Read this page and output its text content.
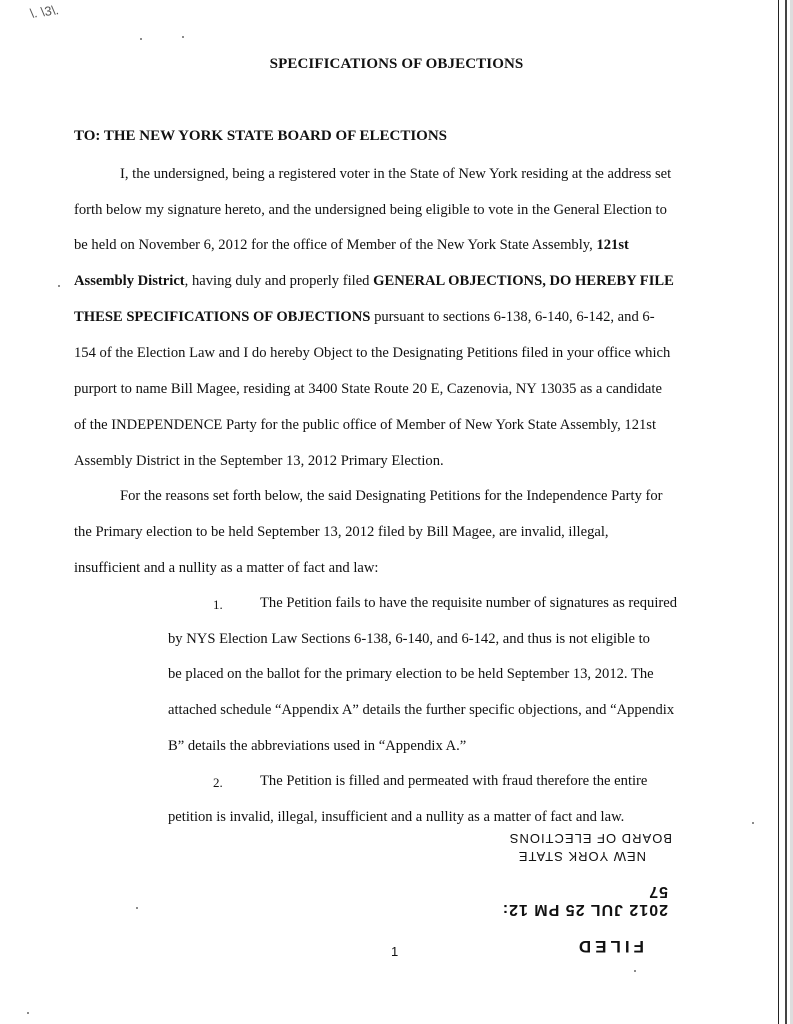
\. \3\.
SPECIFICATIONS OF OBJECTIONS
TO: THE NEW YORK STATE BOARD OF ELECTIONS
I, the undersigned, being a registered voter in the State of New York residing at the address set
forth below my signature hereto, and the undersigned being eligible to vote in the General Election to
be held on November 6, 2012 for the office of Member of the New York State Assembly, 121st
Assembly District, having duly and properly filed GENERAL OBJECTIONS, DO HEREBY FILE
THESE SPECIFICATIONS OF OBJECTIONS pursuant to sections 6-138, 6-140, 6-142, and 6-
154 of the Election Law and I do hereby Object to the Designating Petitions filed in your office which
purport to name Bill Magee, residing at 3400 State Route 20 E, Cazenovia, NY 13035 as a candidate
of the INDEPENDENCE Party for the public office of Member of New York State Assembly, 121st
Assembly District in the September 13, 2012 Primary Election.
For the reasons set forth below, the said Designating Petitions for the Independence Party for
the Primary election to be held September 13, 2012 filed by Bill Magee, are invalid, illegal,
insufficient and a nullity as a matter of fact and law:
1.	The Petition fails to have the requisite number of signatures as required
by NYS Election Law Sections 6-138, 6-140, and 6-142, and thus is not eligible to
be placed on the ballot for the primary election to be held September 13, 2012. The
attached schedule “Appendix A” details the further specific objections, and “Appendix
B” details the abbreviations used in “Appendix A.”
2.	The Petition is filled and permeated with fraud therefore the entire
petition is invalid, illegal, insufficient and a nullity as a matter of fact and law.
FILED
2012 JUL 25 PM 12: 57
NEW YORK STATE
BOARD OF ELECTIONS
1
